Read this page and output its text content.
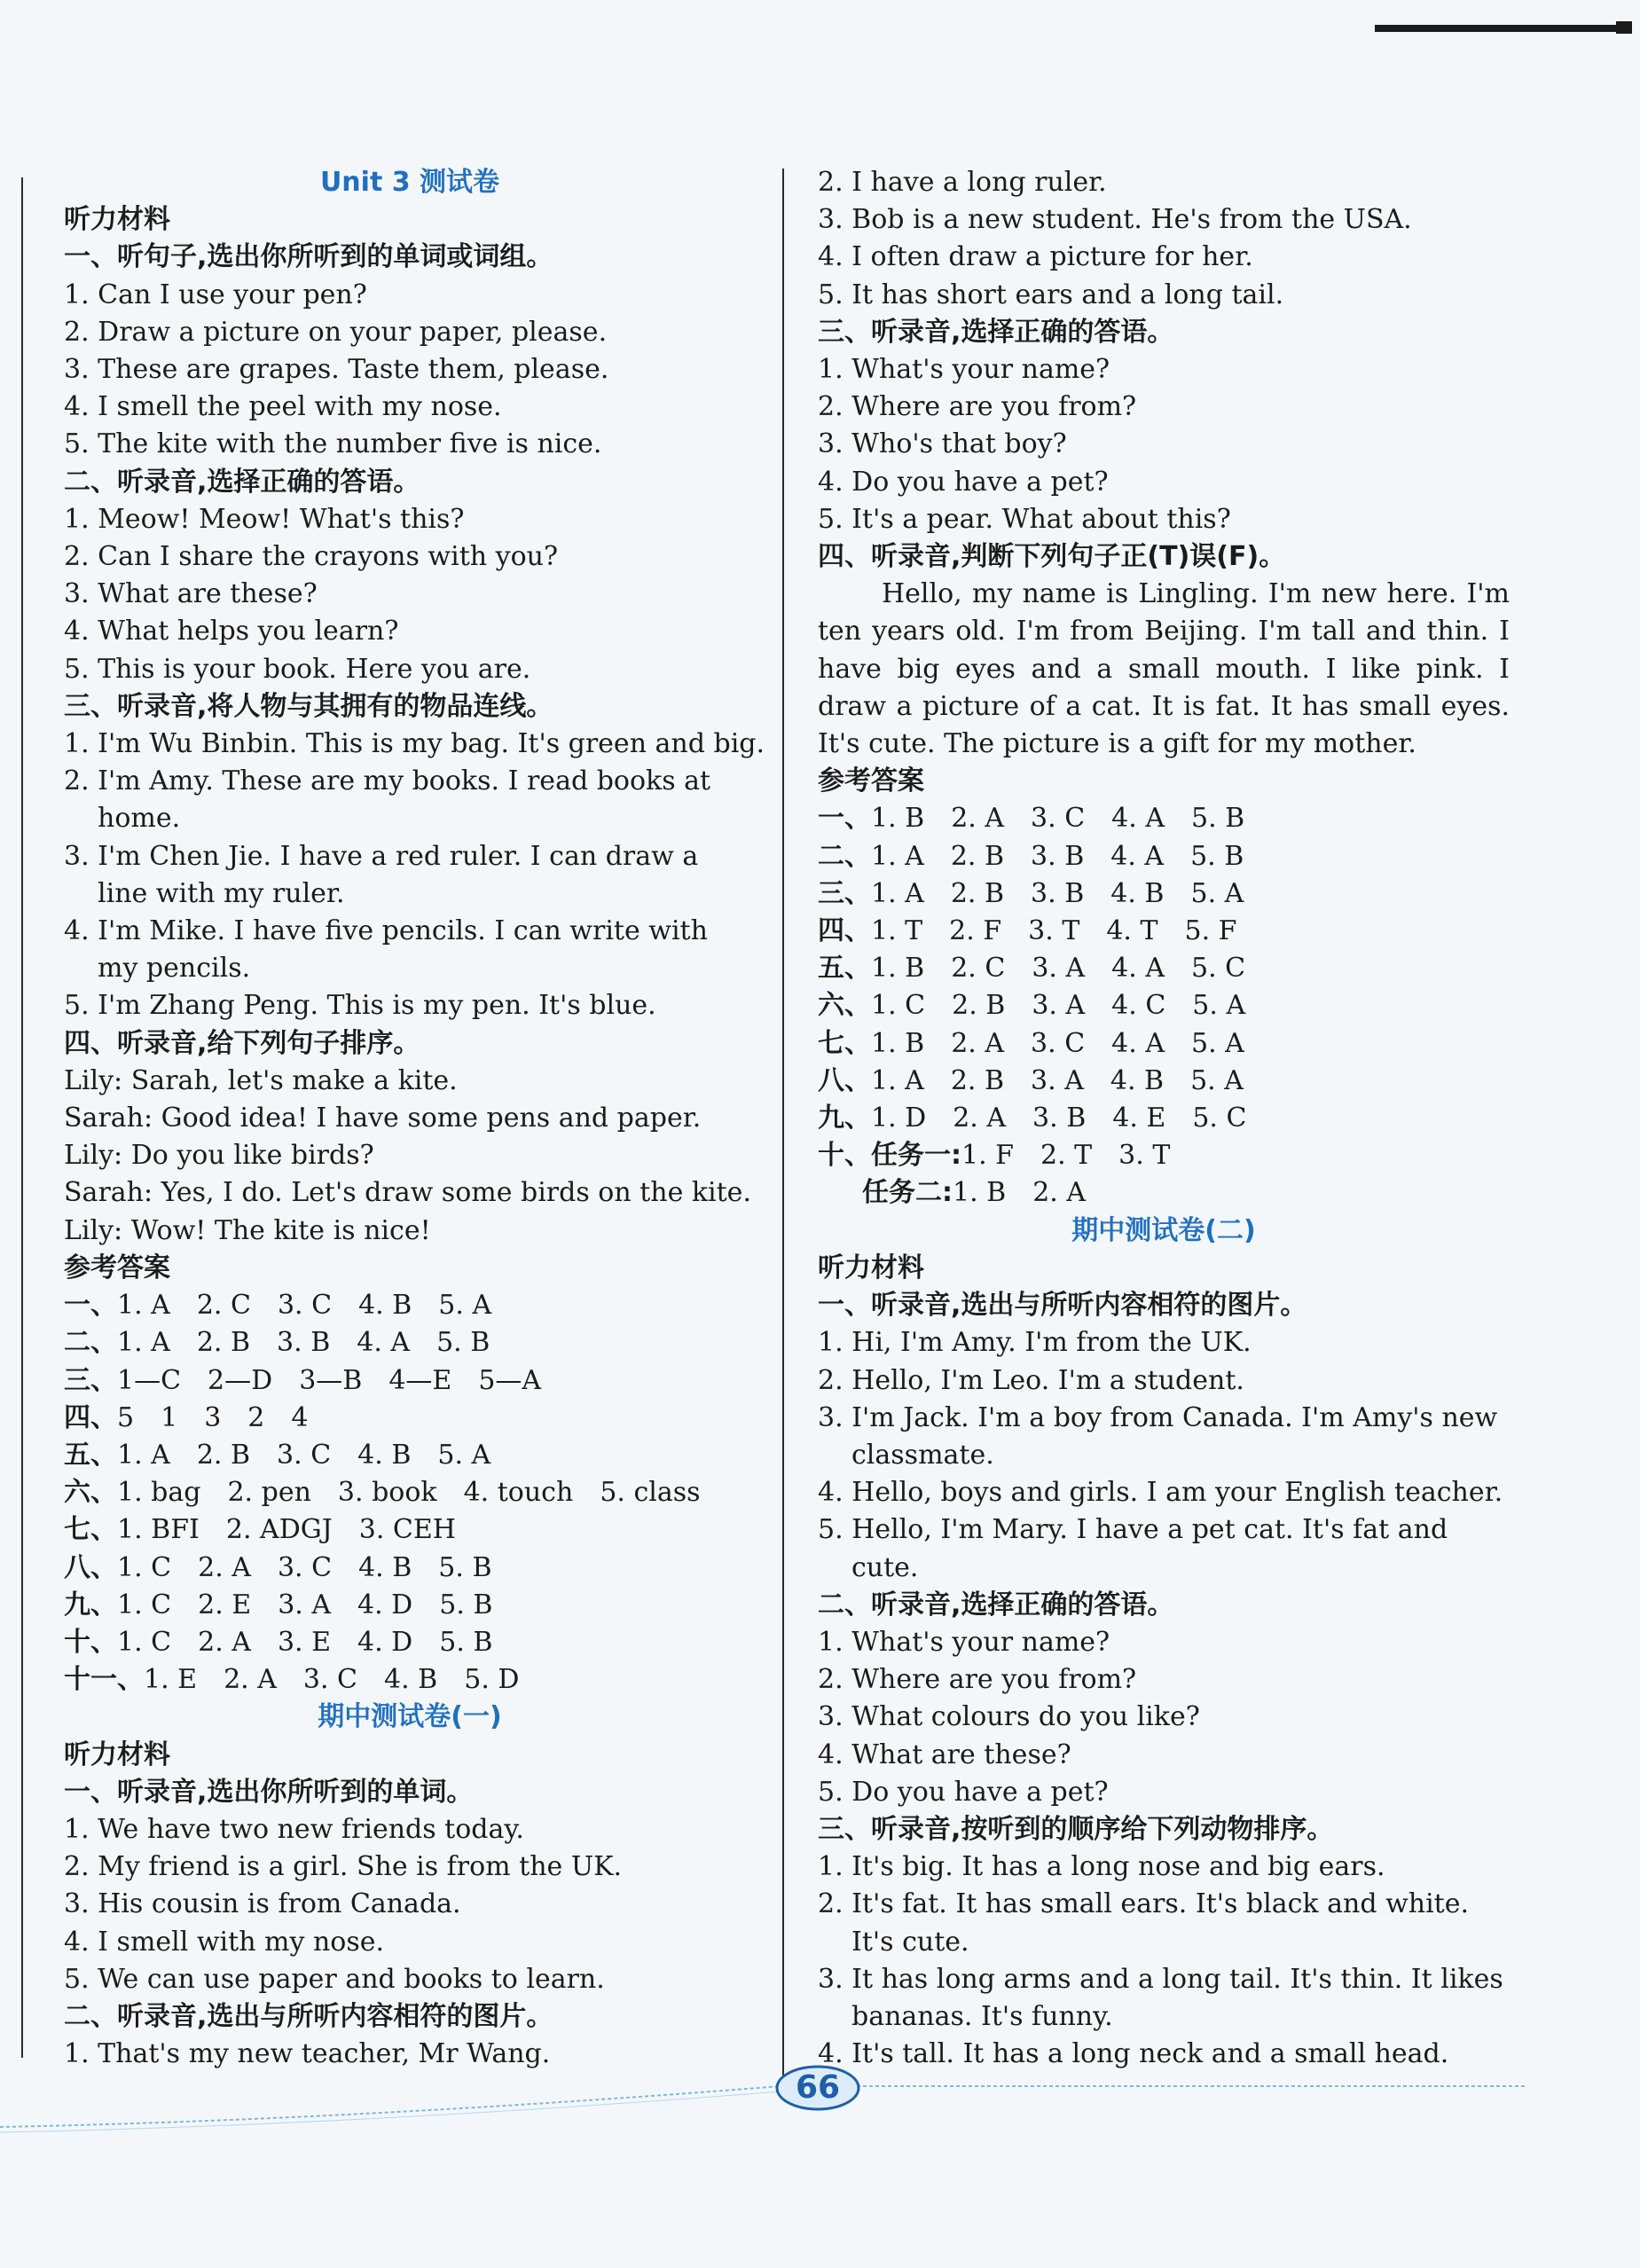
Unit 3 测试卷
听力材料
一、听句子,选出你所听到的单词或词组。
1. Can I use your pen?
2. Draw a picture on your paper, please.
3. These are grapes. Taste them, please.
4. I smell the peel with my nose.
5. The kite with the number five is nice.
二、听录音,选择正确的答语。
1. Meow! Meow! What's this?
2. Can I share the crayons with you?
3. What are these?
4. What helps you learn?
5. This is your book. Here you are.
三、听录音,将人物与其拥有的物品连线。
1. I'm Wu Binbin. This is my bag. It's green and big.
2. I'm Amy. These are my books. I read books at home.
3. I'm Chen Jie. I have a red ruler. I can draw a line with my ruler.
4. I'm Mike. I have five pencils. I can write with my pencils.
5. I'm Zhang Peng. This is my pen. It's blue.
四、听录音,给下列句子排序。
Lily: Sarah, let's make a kite.
Sarah: Good idea! I have some pens and paper.
Lily: Do you like birds?
Sarah: Yes, I do. Let's draw some birds on the kite.
Lily: Wow! The kite is nice!
参考答案
一、1. A 2. C 3. C 4. B 5. A
二、1. A 2. B 3. B 4. A 5. B
三、1—C 2—D 3—B 4—E 5—A
四、5 1 3 2 4
五、1. A 2. B 3. C 4. B 5. A
六、1. bag 2. pen 3. book 4. touch 5. class
七、1. BFI 2. ADGJ 3. CEH
八、1. C 2. A 3. C 4. B 5. B
九、1. C 2. E 3. A 4. D 5. B
十、1. C 2. A 3. E 4. D 5. B
十一、1. E 2. A 3. C 4. B 5. D
期中测试卷(一)
听力材料
一、听录音,选出你所听到的单词。
1. We have two new friends today.
2. My friend is a girl. She is from the UK.
3. His cousin is from Canada.
4. I smell with my nose.
5. We can use paper and books to learn.
二、听录音,选出与所听内容相符的图片。
1. That's my new teacher, Mr Wang.
2. I have a long ruler.
3. Bob is a new student. He's from the USA.
4. I often draw a picture for her.
5. It has short ears and a long tail.
三、听录音,选择正确的答语。
1. What's your name?
2. Where are you from?
3. Who's that boy?
4. Do you have a pet?
5. It's a pear. What about this?
四、听录音,判断下列句子正(T)误(F)。
Hello, my name is Lingling. I'm new here. I'm ten years old. I'm from Beijing. I'm tall and thin. I have big eyes and a small mouth. I like pink. I draw a picture of a cat. It is fat. It has small eyes. It's cute. The picture is a gift for my mother.
参考答案
一、1. B 2. A 3. C 4. A 5. B
二、1. A 2. B 3. B 4. A 5. B
三、1. A 2. B 3. B 4. B 5. A
四、1. T 2. F 3. T 4. T 5. F
五、1. B 2. C 3. A 4. A 5. C
六、1. C 2. B 3. A 4. C 5. A
七、1. B 2. A 3. C 4. A 5. A
八、1. A 2. B 3. A 4. B 5. A
九、1. D 2. A 3. B 4. E 5. C
十、任务一:1. F 2. T 3. T
任务二:1. B 2. A
期中测试卷(二)
听力材料
一、听录音,选出与所听内容相符的图片。
1. Hi, I'm Amy. I'm from the UK.
2. Hello, I'm Leo. I'm a student.
3. I'm Jack. I'm a boy from Canada. I'm Amy's new classmate.
4. Hello, boys and girls. I am your English teacher.
5. Hello, I'm Mary. I have a pet cat. It's fat and cute.
二、听录音,选择正确的答语。
1. What's your name?
2. Where are you from?
3. What colours do you like?
4. What are these?
5. Do you have a pet?
三、听录音,按听到的顺序给下列动物排序。
1. It's big. It has a long nose and big ears.
2. It's fat. It has small ears. It's black and white. It's cute.
3. It has long arms and a long tail. It's thin. It likes bananas. It's funny.
4. It's tall. It has a long neck and a small head.
66
